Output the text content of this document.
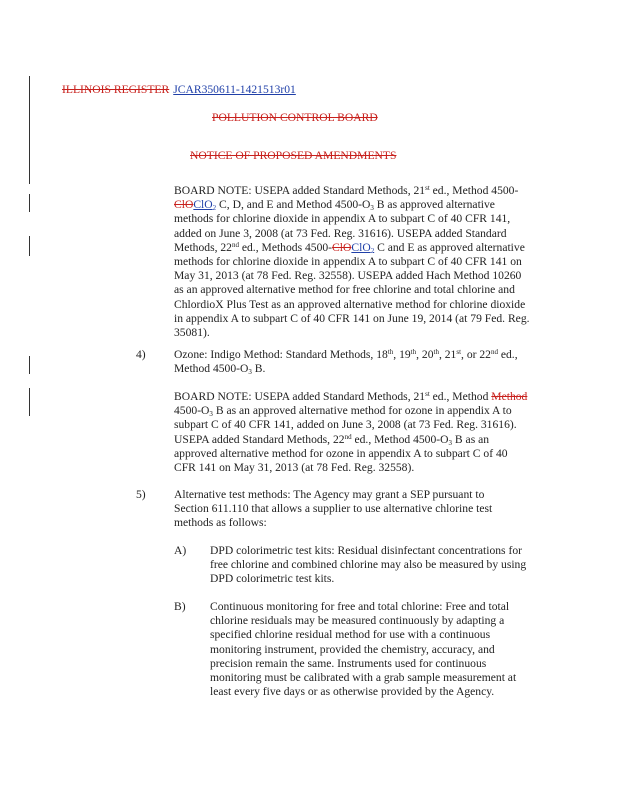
ILLINOIS REGISTER JCAR350611-1421513r01
POLLUTION CONTROL BOARD
NOTICE OF PROPOSED AMENDMENTS

BOARD NOTE: USEPA added Standard Methods, 21st ed., Method 4500-ClOClO$_2$ C, D, and E and Method $4500-O_3$ B as approved alternative methods for chlorine dioxide in appendix A to subpart C of 40 CFR 141, added on June 3, 2008 (at 73 Fed. Reg. 31616). USEPA added Standard Methods, 22nd ed., Methods 4500-ClOClO$_2$ C and E as approved alternative methods for chlorine dioxide in appendix A to subpart C of 40 CFR 141 on May 31, 2013 (at 78 Fed. Reg. 32558). USEPA added Hach Method 10260 as an approved alternative method for free chlorine and total chlorine and ChlordioX Plus Test as an approved alternative method for chlorine dioxide in appendix A to subpart C of 40 CFR 141 on June 19, 2014 (at 79 Fed. Reg. 35081).

4) Ozone: Indigo Method: Standard Methods, 18th, 19th, 20th, 21st, or 22nd ed., Method $4500-O_3$ B.

BOARD NOTE: USEPA added Standard Methods, 21st ed., Method Method $4500-O_3$ B as an approved alternative method for ozone in appendix A to subpart C of 40 CFR 141, added on June 3, 2008 (at 73 Fed. Reg. 31616). USEPA added Standard Methods, 22nd ed., Method $4500-O_3$ B as an approved alternative method for ozone in appendix A to subpart C of 40 CFR 141 on May 31, 2013 (at 78 Fed. Reg. 32558).

5) Alternative test methods: The Agency may grant a SEP pursuant to Section 611.110 that allows a supplier to use alternative chlorine test methods as follows:

A) DPD colorimetric test kits: Residual disinfectant concentrations for free chlorine and combined chlorine may also be measured by using DPD colorimetric test kits.

B) Continuous monitoring for free and total chlorine: Free and total chlorine residuals may be measured continuously by adapting a specified chlorine residual method for use with a continuous monitoring instrument, provided the chemistry, accuracy, and precision remain the same. Instruments used for continuous monitoring must be calibrated with a grab sample measurement at least every five days or as otherwise provided by the Agency.
